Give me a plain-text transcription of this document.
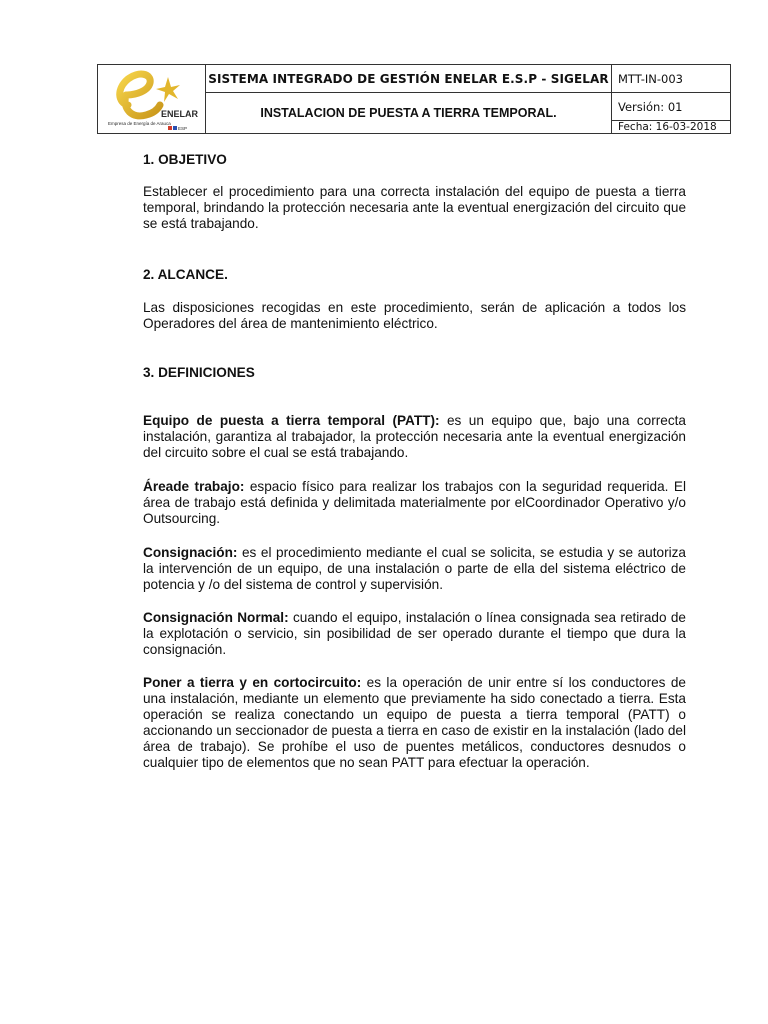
ENELAR
Empresa de Energía de Arauca
ESP
SISTEMA INTEGRADO DE GESTIÓN ENELAR E.S.P - SIGELAR
INSTALACION DE PUESTA A TIERRA TEMPORAL.
MTT-IN-003
Versión: 01
Fecha: 16-03-2018
1. OBJETIVO

Establecer el procedimiento para una correcta instalación del equipo de puesta a tierra temporal, brindando la protección necesaria ante la eventual energización del circuito que se está trabajando.

2. ALCANCE.

Las disposiciones recogidas en este procedimiento, serán de aplicación a todos los Operadores del área de mantenimiento eléctrico.

3. DEFINICIONES

Equipo de puesta a tierra temporal (PATT): es un equipo que, bajo una correcta instalación, garantiza al trabajador, la protección necesaria ante la eventual energización del circuito sobre el cual se está trabajando.

Áreade trabajo: espacio físico para realizar los trabajos con la seguridad requerida. El área de trabajo está definida y delimitada materialmente por elCoordinador Operativo y/o Outsourcing.

Consignación: es el procedimiento mediante el cual se solicita, se estudia y se autoriza la intervención de un equipo, de una instalación o parte de ella del sistema eléctrico de potencia y /o del sistema de control y supervisión.

Consignación Normal: cuando el equipo, instalación o línea consignada sea retirado de la explotación o servicio, sin posibilidad de ser operado durante el tiempo que dura la consignación.

Poner a tierra y en cortocircuito: es la operación de unir entre sí los conductores de una instalación, mediante un elemento que previamente ha sido conectado a tierra. Esta operación se realiza conectando un equipo de puesta a tierra temporal (PATT) o accionando un seccionador de puesta a tierra en caso de existir en la instalación (lado del área de trabajo). Se prohíbe el uso de puentes metálicos, conductores desnudos o cualquier tipo de elementos que no sean PATT para efectuar la operación.
